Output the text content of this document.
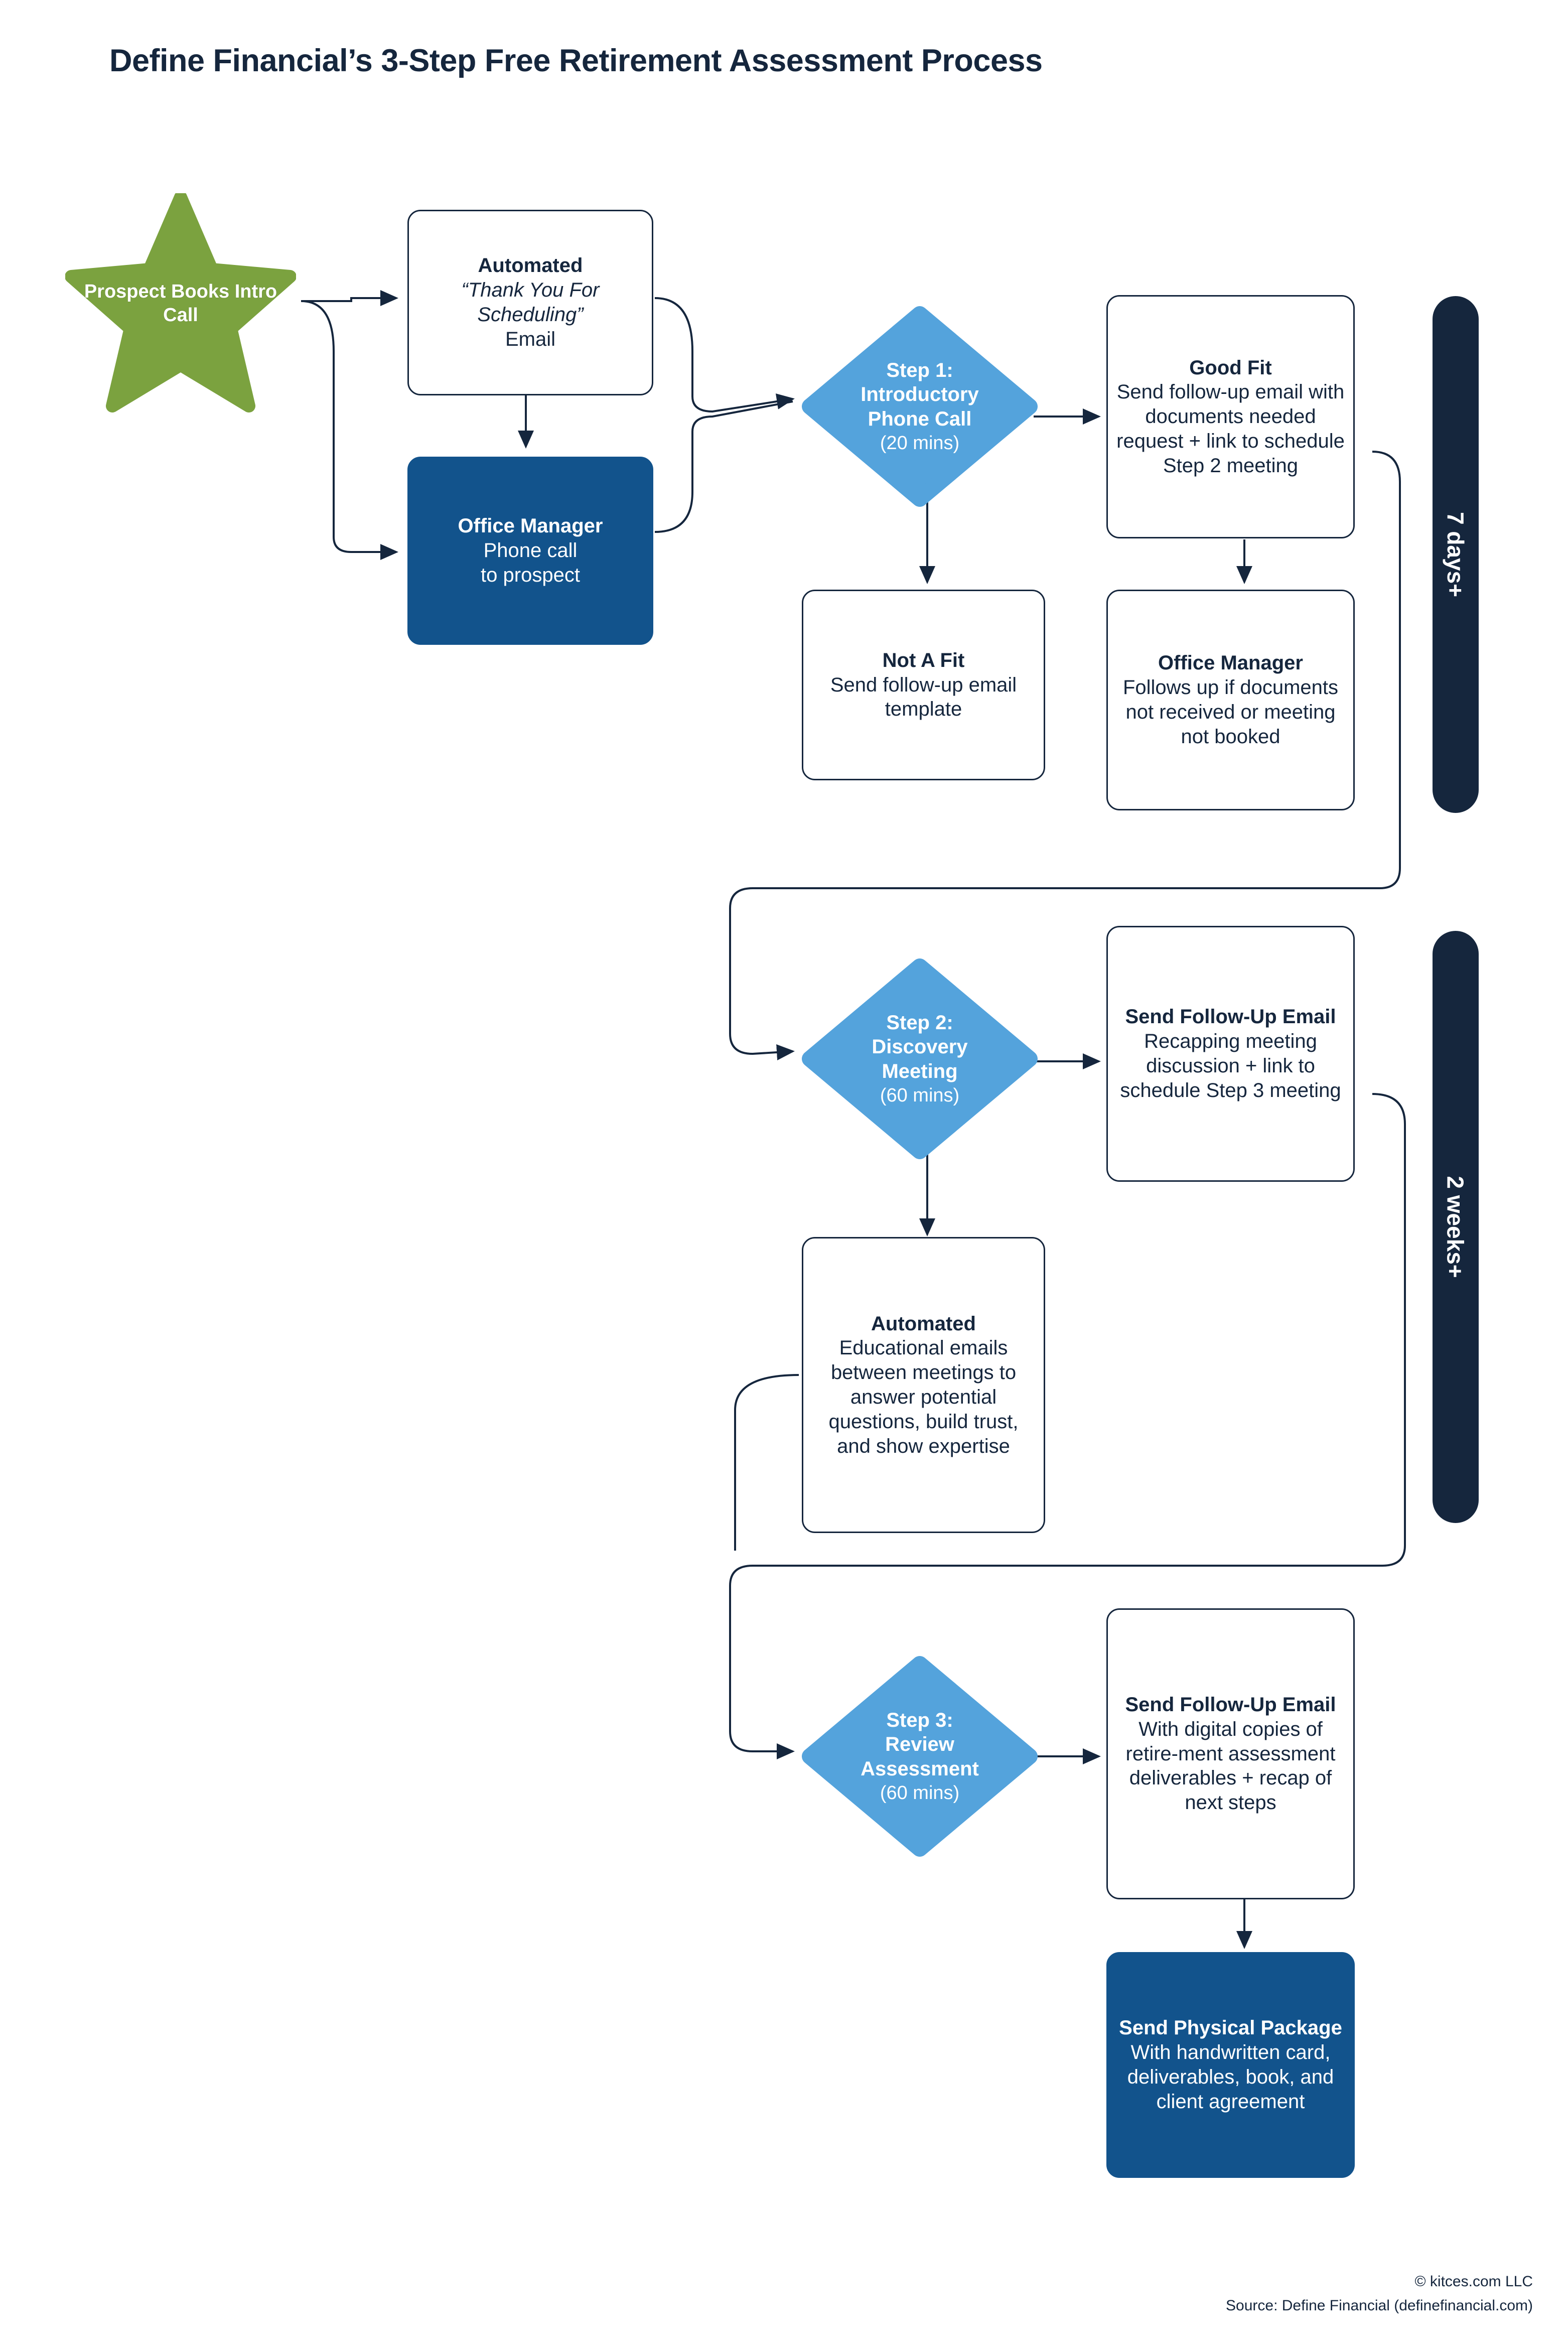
Define Financial’s 3-Step Free Retirement Assessment Process
Prospect Books Intro Call
Automated
“Thank You For Scheduling”
Email
Office Manager
Phone call
to prospect
Step 1:
Introductory
Phone Call
(20 mins)
Good Fit
Send follow-up email with documents needed request + link to schedule Step 2 meeting
Not A Fit
Send follow-up email template
Office Manager
Follows up if documents not received or meeting not booked
7 days+
Step 2:
Discovery
Meeting
(60 mins)
Send Follow-Up Email
Recapping meeting discussion + link to schedule Step 3 meeting
Automated
Educational emails between meetings to answer potential questions, build trust, and show expertise
2 weeks+
Step 3:
Review
Assessment
(60 mins)
Send Follow-Up Email
With digital copies of retire-ment assessment deliverables + recap of next steps
Send Physical Package
With handwritten card, deliverables, book, and client agreement
© kitces.com LLC
Source: Define Financial (definefinancial.com)
